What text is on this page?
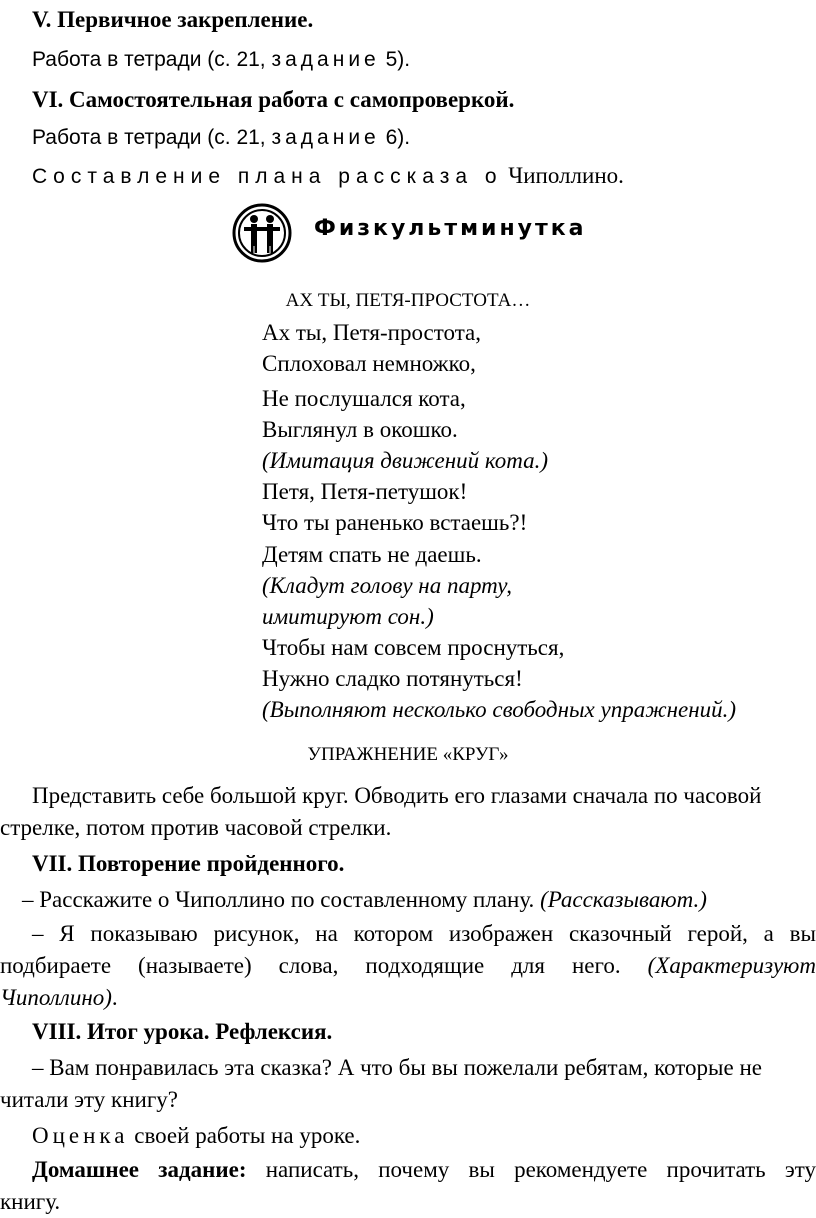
V. Первичное закрепление.
Работа в тетради (с. 21, задание 5).
VI. Самостоятельная работа с самопроверкой.
Работа в тетради (с. 21, задание 6).
Составление плана рассказа о Чиполлино.
Физкультминутка
АХ ТЫ, ПЕТЯ-ПРОСТОТА…
Ах ты, Петя-простота,
Сплоховал немножко,
Не послушался кота,
Выглянул в окошко.
(Имитация движений кота.)
Петя, Петя-петушок!
Что ты раненько встаешь?!
Детям спать не даешь.
(Кладут голову на парту,
имитируют сон.)
Чтобы нам совсем проснуться,
Нужно сладко потянуться!
(Выполняют несколько свободных упражнений.)
УПРАЖНЕНИЕ «КРУГ»
Представить себе большой круг. Обводить его глазами сначала по часовой
стрелке, потом против часовой стрелки.
VII. Повторение пройденного.
– Расскажите о Чиполлино по составленному плану. (Рассказывают.)
– Я показываю рисунок, на котором изображен сказочный герой, а вы
подбираете (называете) слова, подходящие для него. (Характеризуют
Чиполлино).
VIII. Итог урока. Рефлексия.
– Вам понравилась эта сказка? А что бы вы пожелали ребятам, которые не
читали эту книгу?
Оценка своей работы на уроке.
Домашнее задание: написать, почему вы рекомендуете прочитать эту
книгу.
